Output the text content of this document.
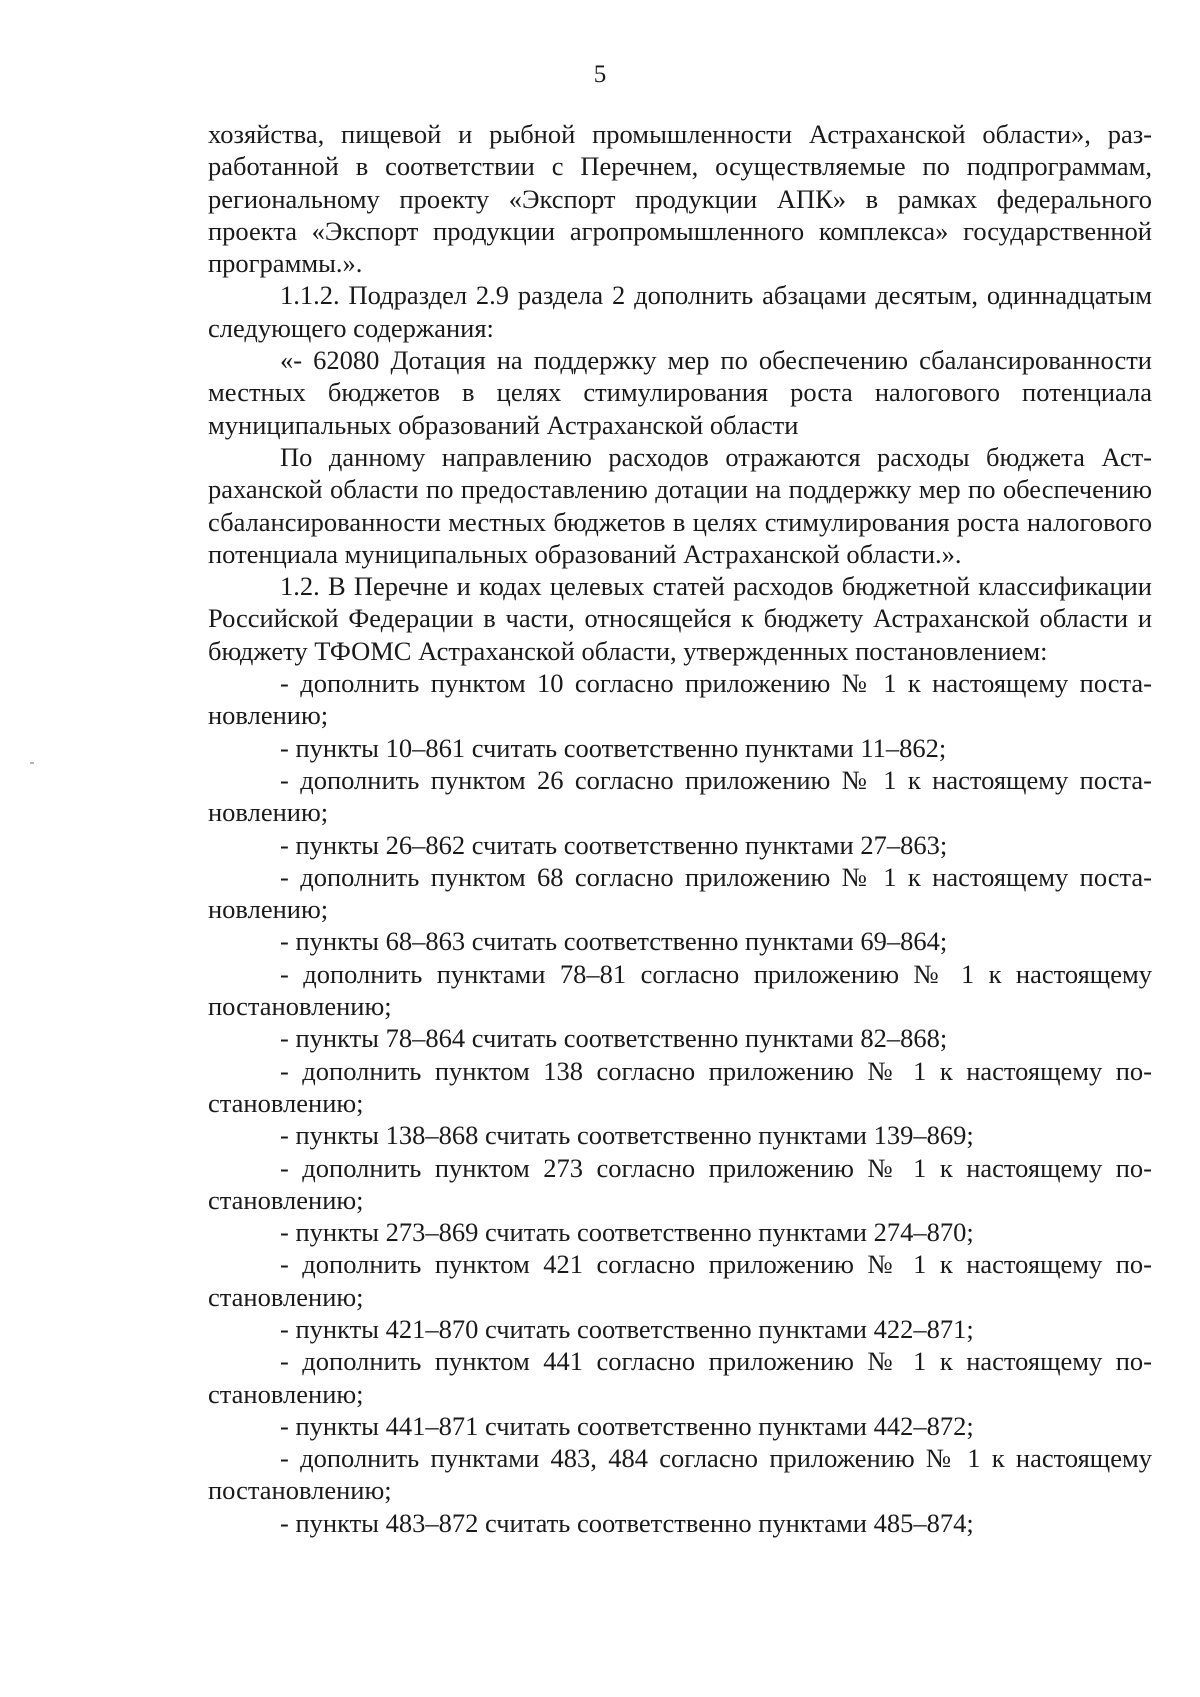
5

хозяйства, пищевой и рыбной промышленности Астраханской области», разработанной в соответствии с Перечнем, осуществляемые по подпрограммам, региональному проекту «Экспорт продукции АПК» в рамках федерального проекта «Экспорт продукции агропромышленного комплекса» государственной программы.».

1.1.2. Подраздел 2.9 раздела 2 дополнить абзацами десятым, одиннадцатым следующего содержания:

«- 62080 Дотация на поддержку мер по обеспечению сбалансированности местных бюджетов в целях стимулирования роста налогового потенциала муниципальных образований Астраханской области

По данному направлению расходов отражаются расходы бюджета Астраханской области по предоставлению дотации на поддержку мер по обеспечению сбалансированности местных бюджетов в целях стимулирования роста налогового потенциала муниципальных образований Астраханской области.».

1.2. В Перечне и кодах целевых статей расходов бюджетной классификации Российской Федерации в части, относящейся к бюджету Астраханской области и бюджету ТФОМС Астраханской области, утвержденных постановлением:

- дополнить пунктом 10 согласно приложению № 1 к настоящему постановлению;

- пункты 10–861 считать соответственно пунктами 11–862;

- дополнить пунктом 26 согласно приложению № 1 к настоящему постановлению;

- пункты 26–862 считать соответственно пунктами 27–863;

- дополнить пунктом 68 согласно приложению № 1 к настоящему постановлению;

- пункты 68–863 считать соответственно пунктами 69–864;

- дополнить пунктами 78–81 согласно приложению № 1 к настоящему постановлению;

- пункты 78–864 считать соответственно пунктами 82–868;

- дополнить пунктом 138 согласно приложению № 1 к настоящему постановлению;

- пункты 138–868 считать соответственно пунктами 139–869;

- дополнить пунктом 273 согласно приложению № 1 к настоящему постановлению;

- пункты 273–869 считать соответственно пунктами 274–870;

- дополнить пунктом 421 согласно приложению № 1 к настоящему постановлению;

- пункты 421–870 считать соответственно пунктами 422–871;

- дополнить пунктом 441 согласно приложению № 1 к настоящему постановлению;

- пункты 441–871 считать соответственно пунктами 442–872;

- дополнить пунктами 483, 484 согласно приложению № 1 к настоящему постановлению;

- пункты 483–872 считать соответственно пунктами 485–874;
